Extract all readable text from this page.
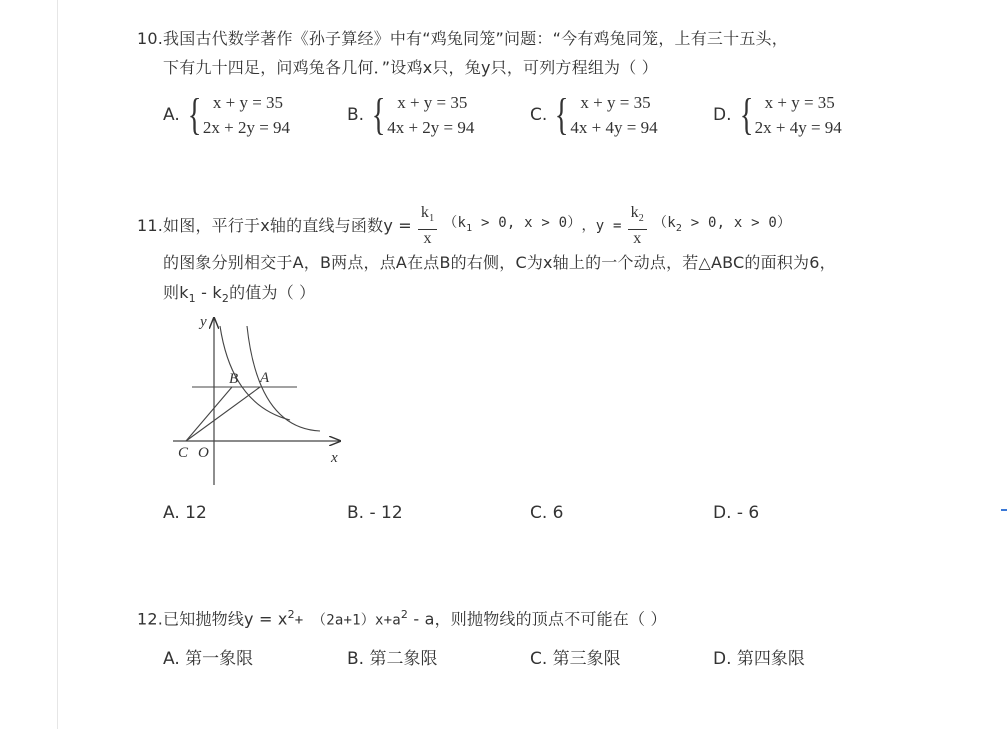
10.我国古代数学著作《孙子算经》中有“鸡兔同笼”问题：“今有鸡兔同笼，上有三十五头，
下有九十四足，问鸡兔各几何．”设鸡x只，兔y只，可列方程组为（ ）
A. { x + y = 35
2x + 2y = 94
B. { x + y = 35
4x + 2y = 94
C. { x + y = 35
4x + 4y = 94
D. { x + y = 35
2x + 4y = 94
11. 如图，平行于x轴的直线与函数$y = \frac{k_1}{x} (k_1 > 0$, x > 0） ，$y = \frac{k_2}{x} (k_2 > 0$, x > 0）
的图象分别相交于A，B两点，点A在点B的右侧，C为x轴上的一个动点，若△ABC的面积为6，
则$k_1 - k_2$的值为（ ）
y
x
B A
C O
A. 12	B. - 12	C. 6	D. - 6
12.已知抛物线$y = x^2+ (2a+1)x+a^2 - a$，则抛物线的顶点不可能在（ ）
A. 第一象限	B. 第二象限	C. 第三象限	D. 第四象限
